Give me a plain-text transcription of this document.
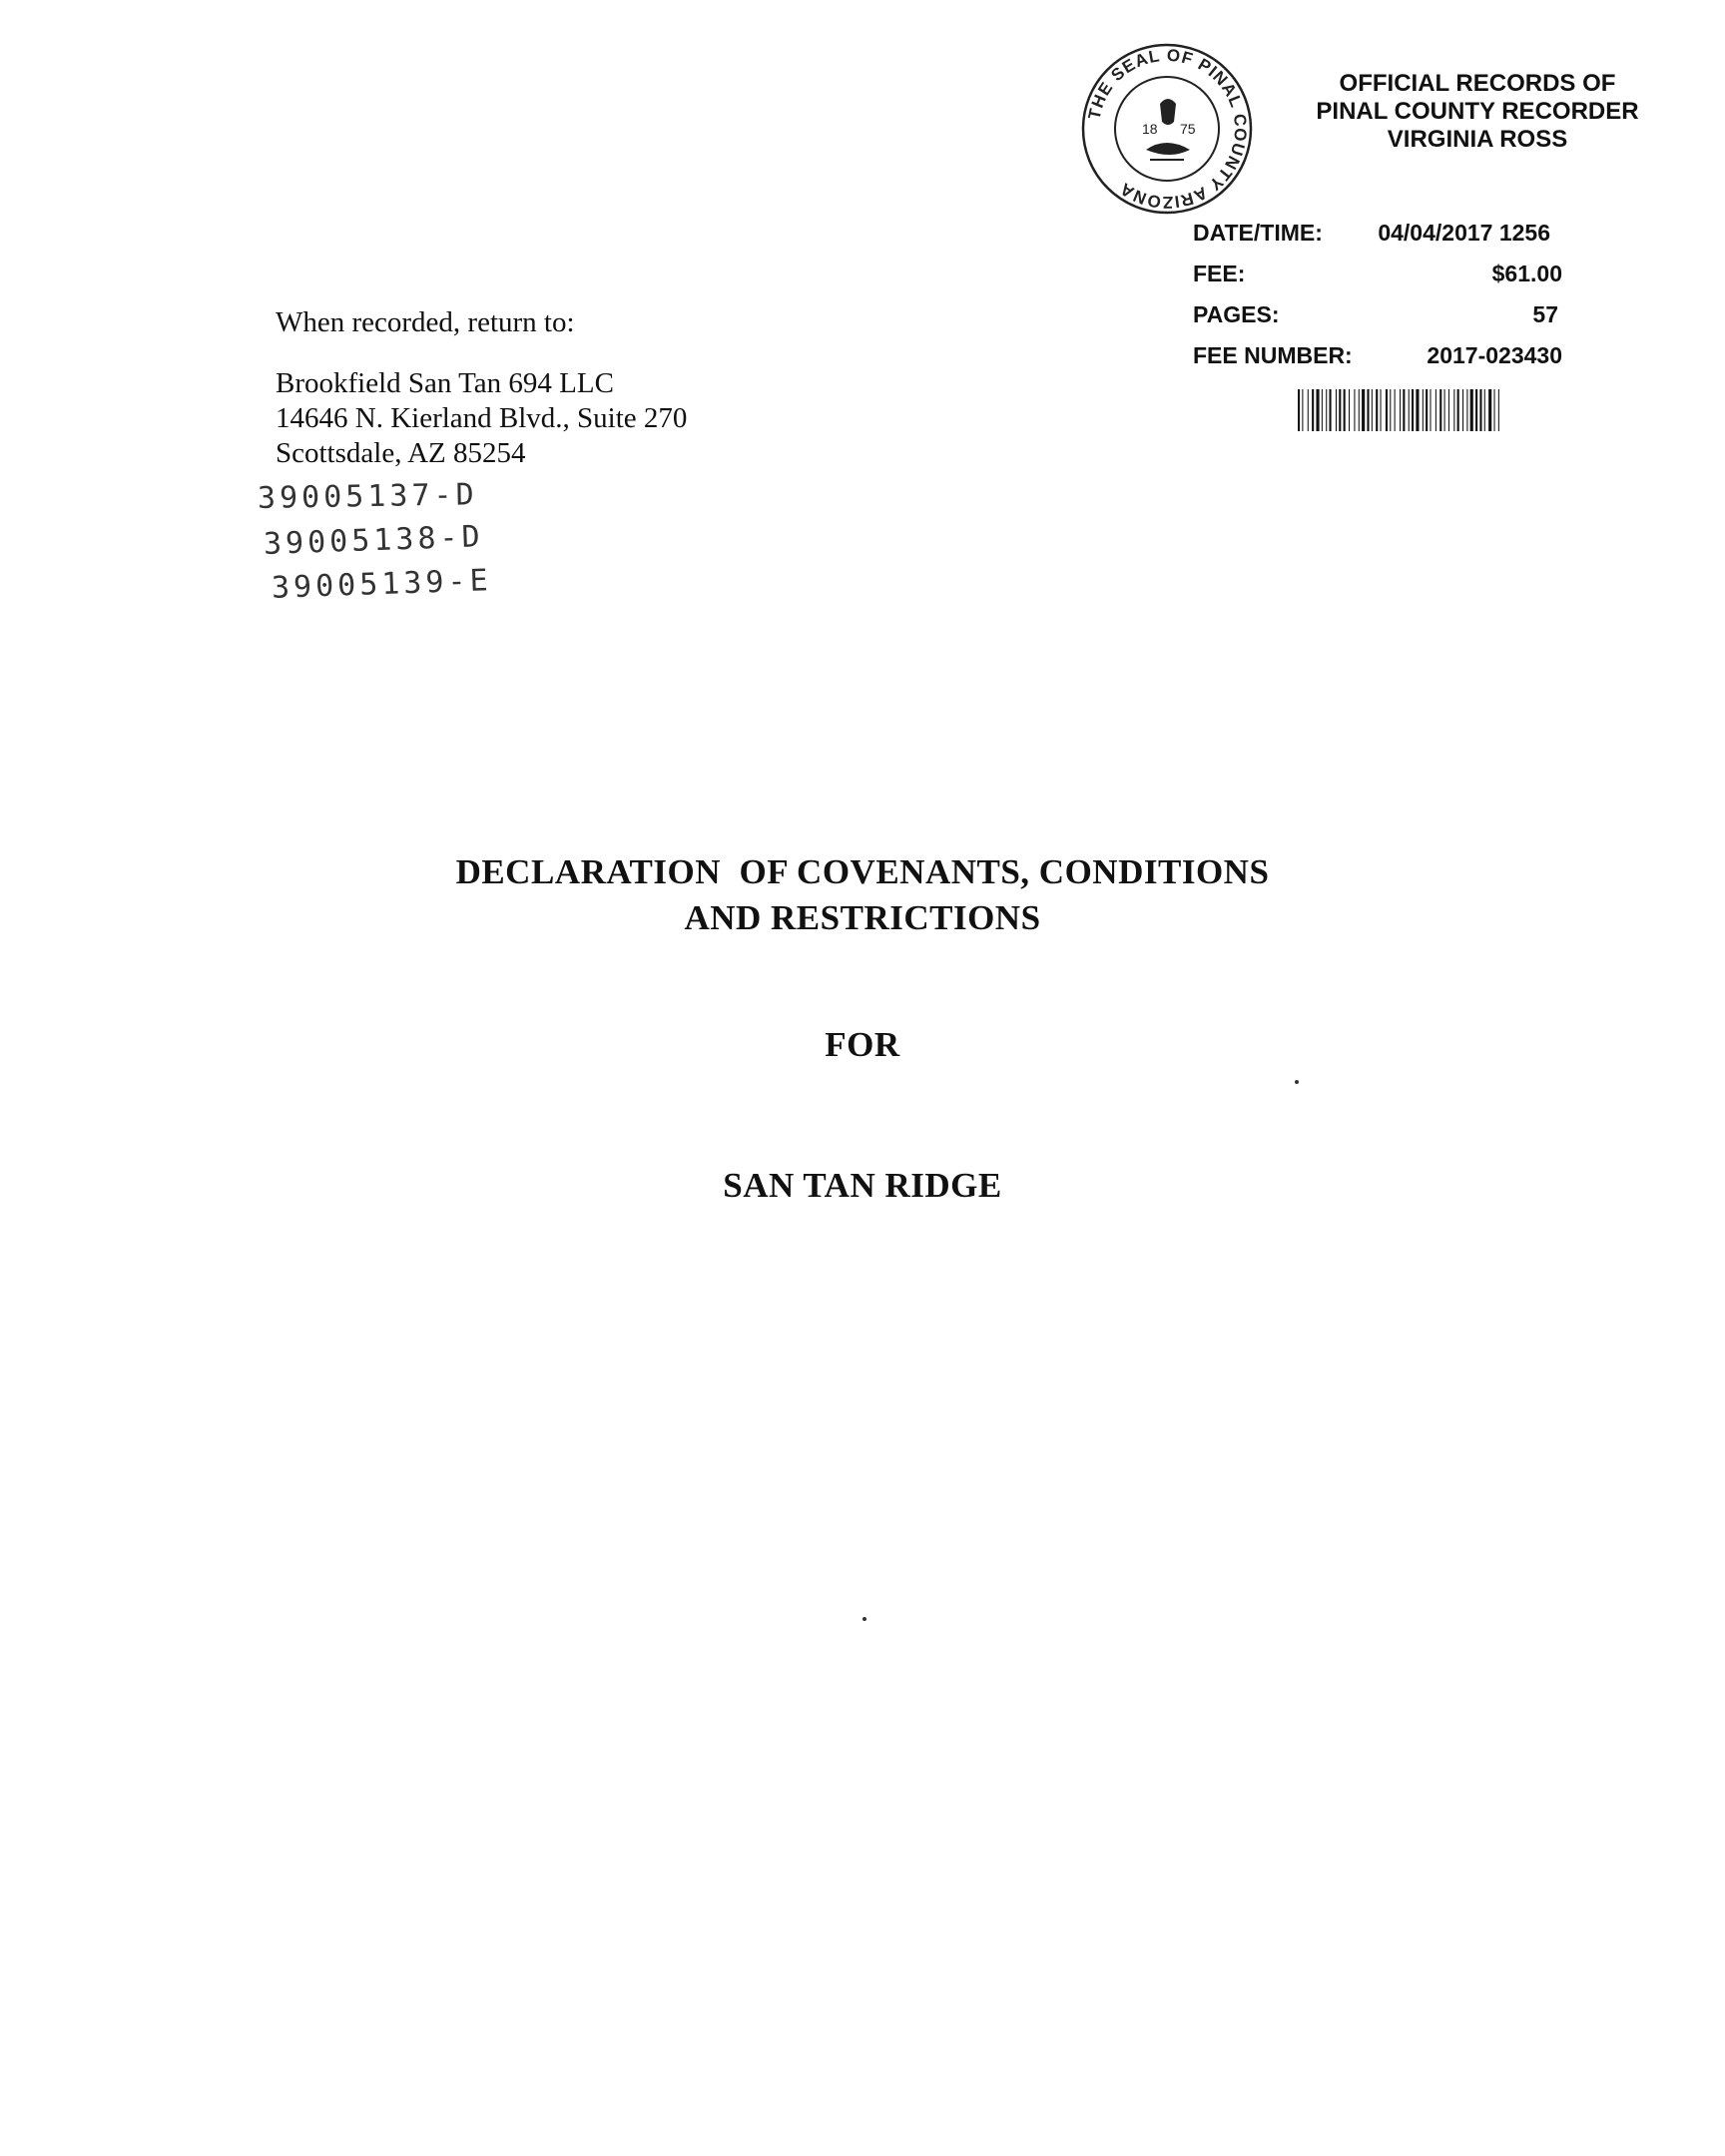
THE SEAL OF PINAL COUNTY ARIZONA
18 75
OFFICIAL RECORDS OF
PINAL COUNTY RECORDER
VIRGINIA ROSS
DATE/TIME: 04/04/2017 1256
FEE:	$61.00
PAGES:	57
FEE NUMBER:	2017-023430
When recorded, return to:
Brookfield San Tan 694 LLC
14646 N. Kierland Blvd., Suite 270
Scottsdale, AZ 85254
39005137-D
39005138-D
39005139-E
DECLARATION  OF COVENANTS, CONDITIONS
AND RESTRICTIONS
FOR
SAN TAN RIDGE
